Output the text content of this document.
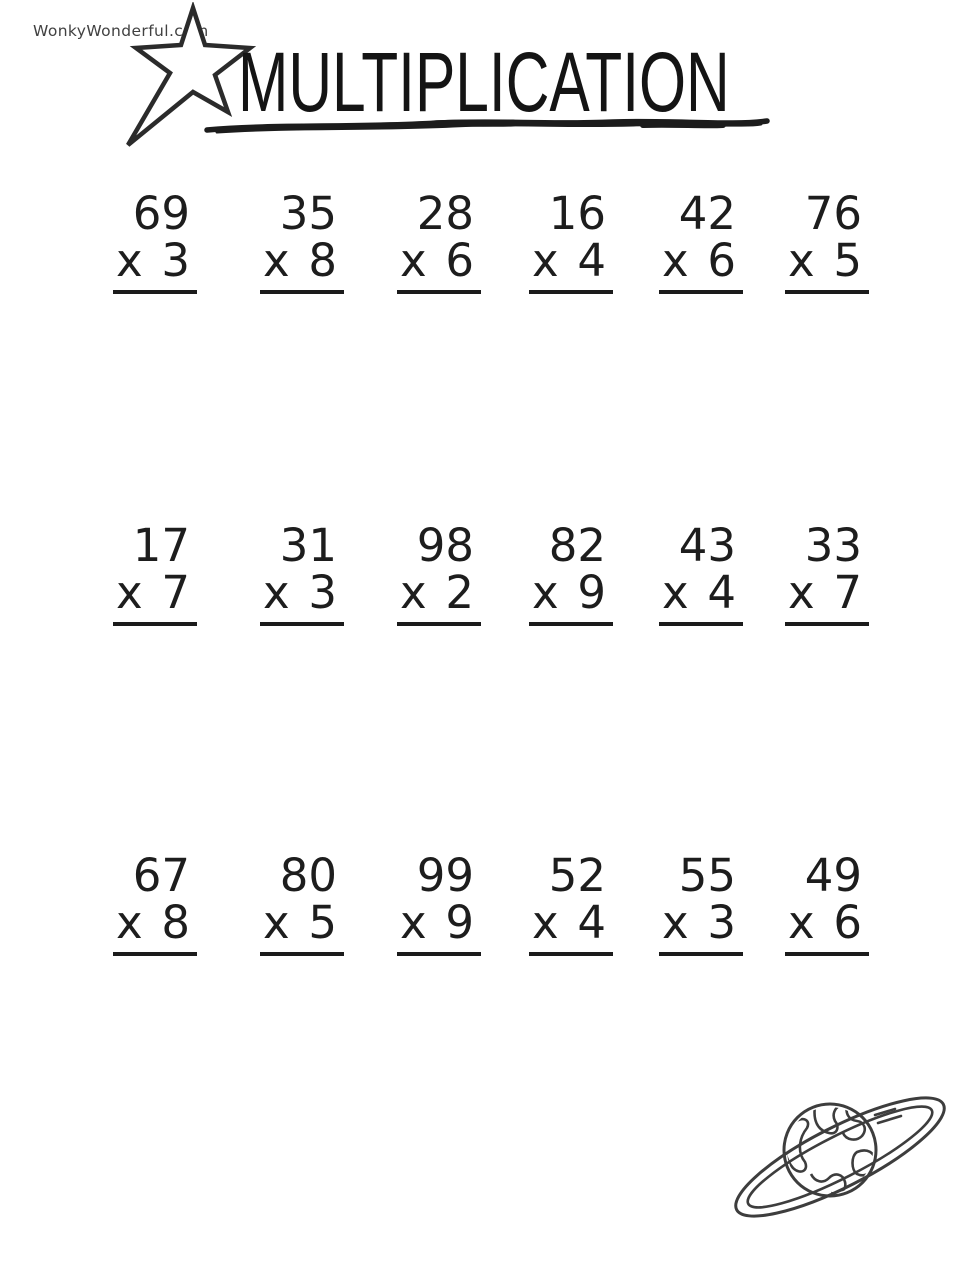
WonkyWonderful.com
MULTIPLICATION
69
x 3
35
x 8
28
x 6
16
x 4
42
x 6
76
x 5
17
x 7
31
x 3
98
x 2
82
x 9
43
x 4
33
x 7
67
x 8
80
x 5
99
x 9
52
x 4
55
x 3
49
x 6
